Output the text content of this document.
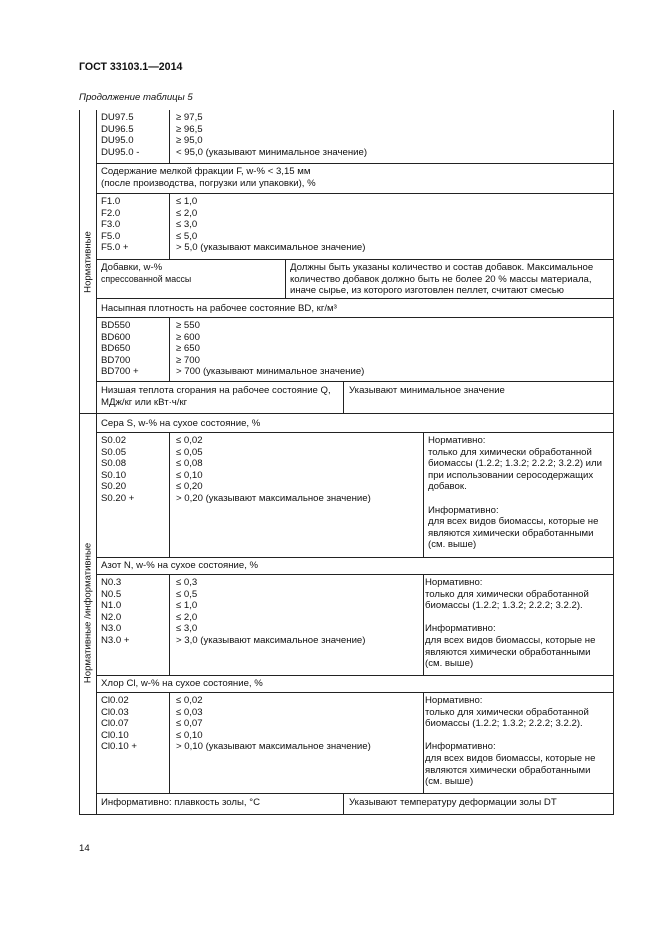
ГОСТ 33103.1—2014
Продолжение таблицы 5
Нормативные
Нормативные /информативные
DU97.5
DU96.5
DU95.0
DU95.0 -
≥ 97,5
≥ 96,5
≥ 95,0
< 95,0 (указывают минимальное значение)
Содержание мелкой фракции F, w-% < 3,15 мм
(после производства, погрузки или упаковки), %
F1.0
F2.0
F3.0
F5.0
F5.0 +
≤ 1,0
≤ 2,0
≤ 3,0
≤ 5,0
> 5,0 (указывают максимальное значение)
Добавки, w-%
спрессованной массы
Должны быть указаны количество и состав добавок. Максимальное
количество добавок должно быть не более 20 % массы материала,
иначе сырье, из которого изготовлен пеллет, считают смесью
Насыпная плотность на рабочее состояние BD, кг/м³
BD550
BD600
BD650
BD700
BD700 +
≥ 550
≥ 600
≥ 650
≥ 700
> 700 (указывают минимальное значение)
Низшая теплота сгорания на рабочее состояние Q,
МДж/кг или кВт·ч/кг
Указывают минимальное значение
Сера S, w-% на сухое состояние, %
S0.02
S0.05
S0.08
S0.10
S0.20
S0.20 +
≤ 0,02
≤ 0,05
≤ 0,08
≤ 0,10
≤ 0,20
> 0,20 (указывают максимальное значение)
Нормативно:
только для химически обработанной
биомассы (1.2.2; 1.3.2; 2.2.2; 3.2.2) или
при использовании серосодержащих
добавок.
Информативно:
для всех видов биомассы, которые не
являются химически обработанными
(см. выше)
Азот N, w-% на сухое состояние, %
N0.3
N0.5
N1.0
N2.0
N3.0
N3.0 +
≤ 0,3
≤ 0,5
≤ 1,0
≤ 2,0
≤ 3,0
> 3,0 (указывают максимальное значение)
Нормативно:
только для химически обработанной
биомассы (1.2.2; 1.3.2; 2.2.2; 3.2.2).
Информативно:
для всех видов биомассы, которые не
являются химически обработанными
(см. выше)
Хлор Cl, w-% на сухое состояние, %
Cl0.02
Cl0.03
Cl0.07
Cl0.10
Cl0.10 +
≤ 0,02
≤ 0,03
≤ 0,07
≤ 0,10
> 0,10 (указывают максимальное значение)
Нормативно:
только для химически обработанной
биомассы (1.2.2; 1.3.2; 2.2.2; 3.2.2).
Информативно:
для всех видов биомассы, которые не
являются химически обработанными
(см. выше)
Информативно: плавкость золы, °С	Указывают температуру деформации золы DT
14
